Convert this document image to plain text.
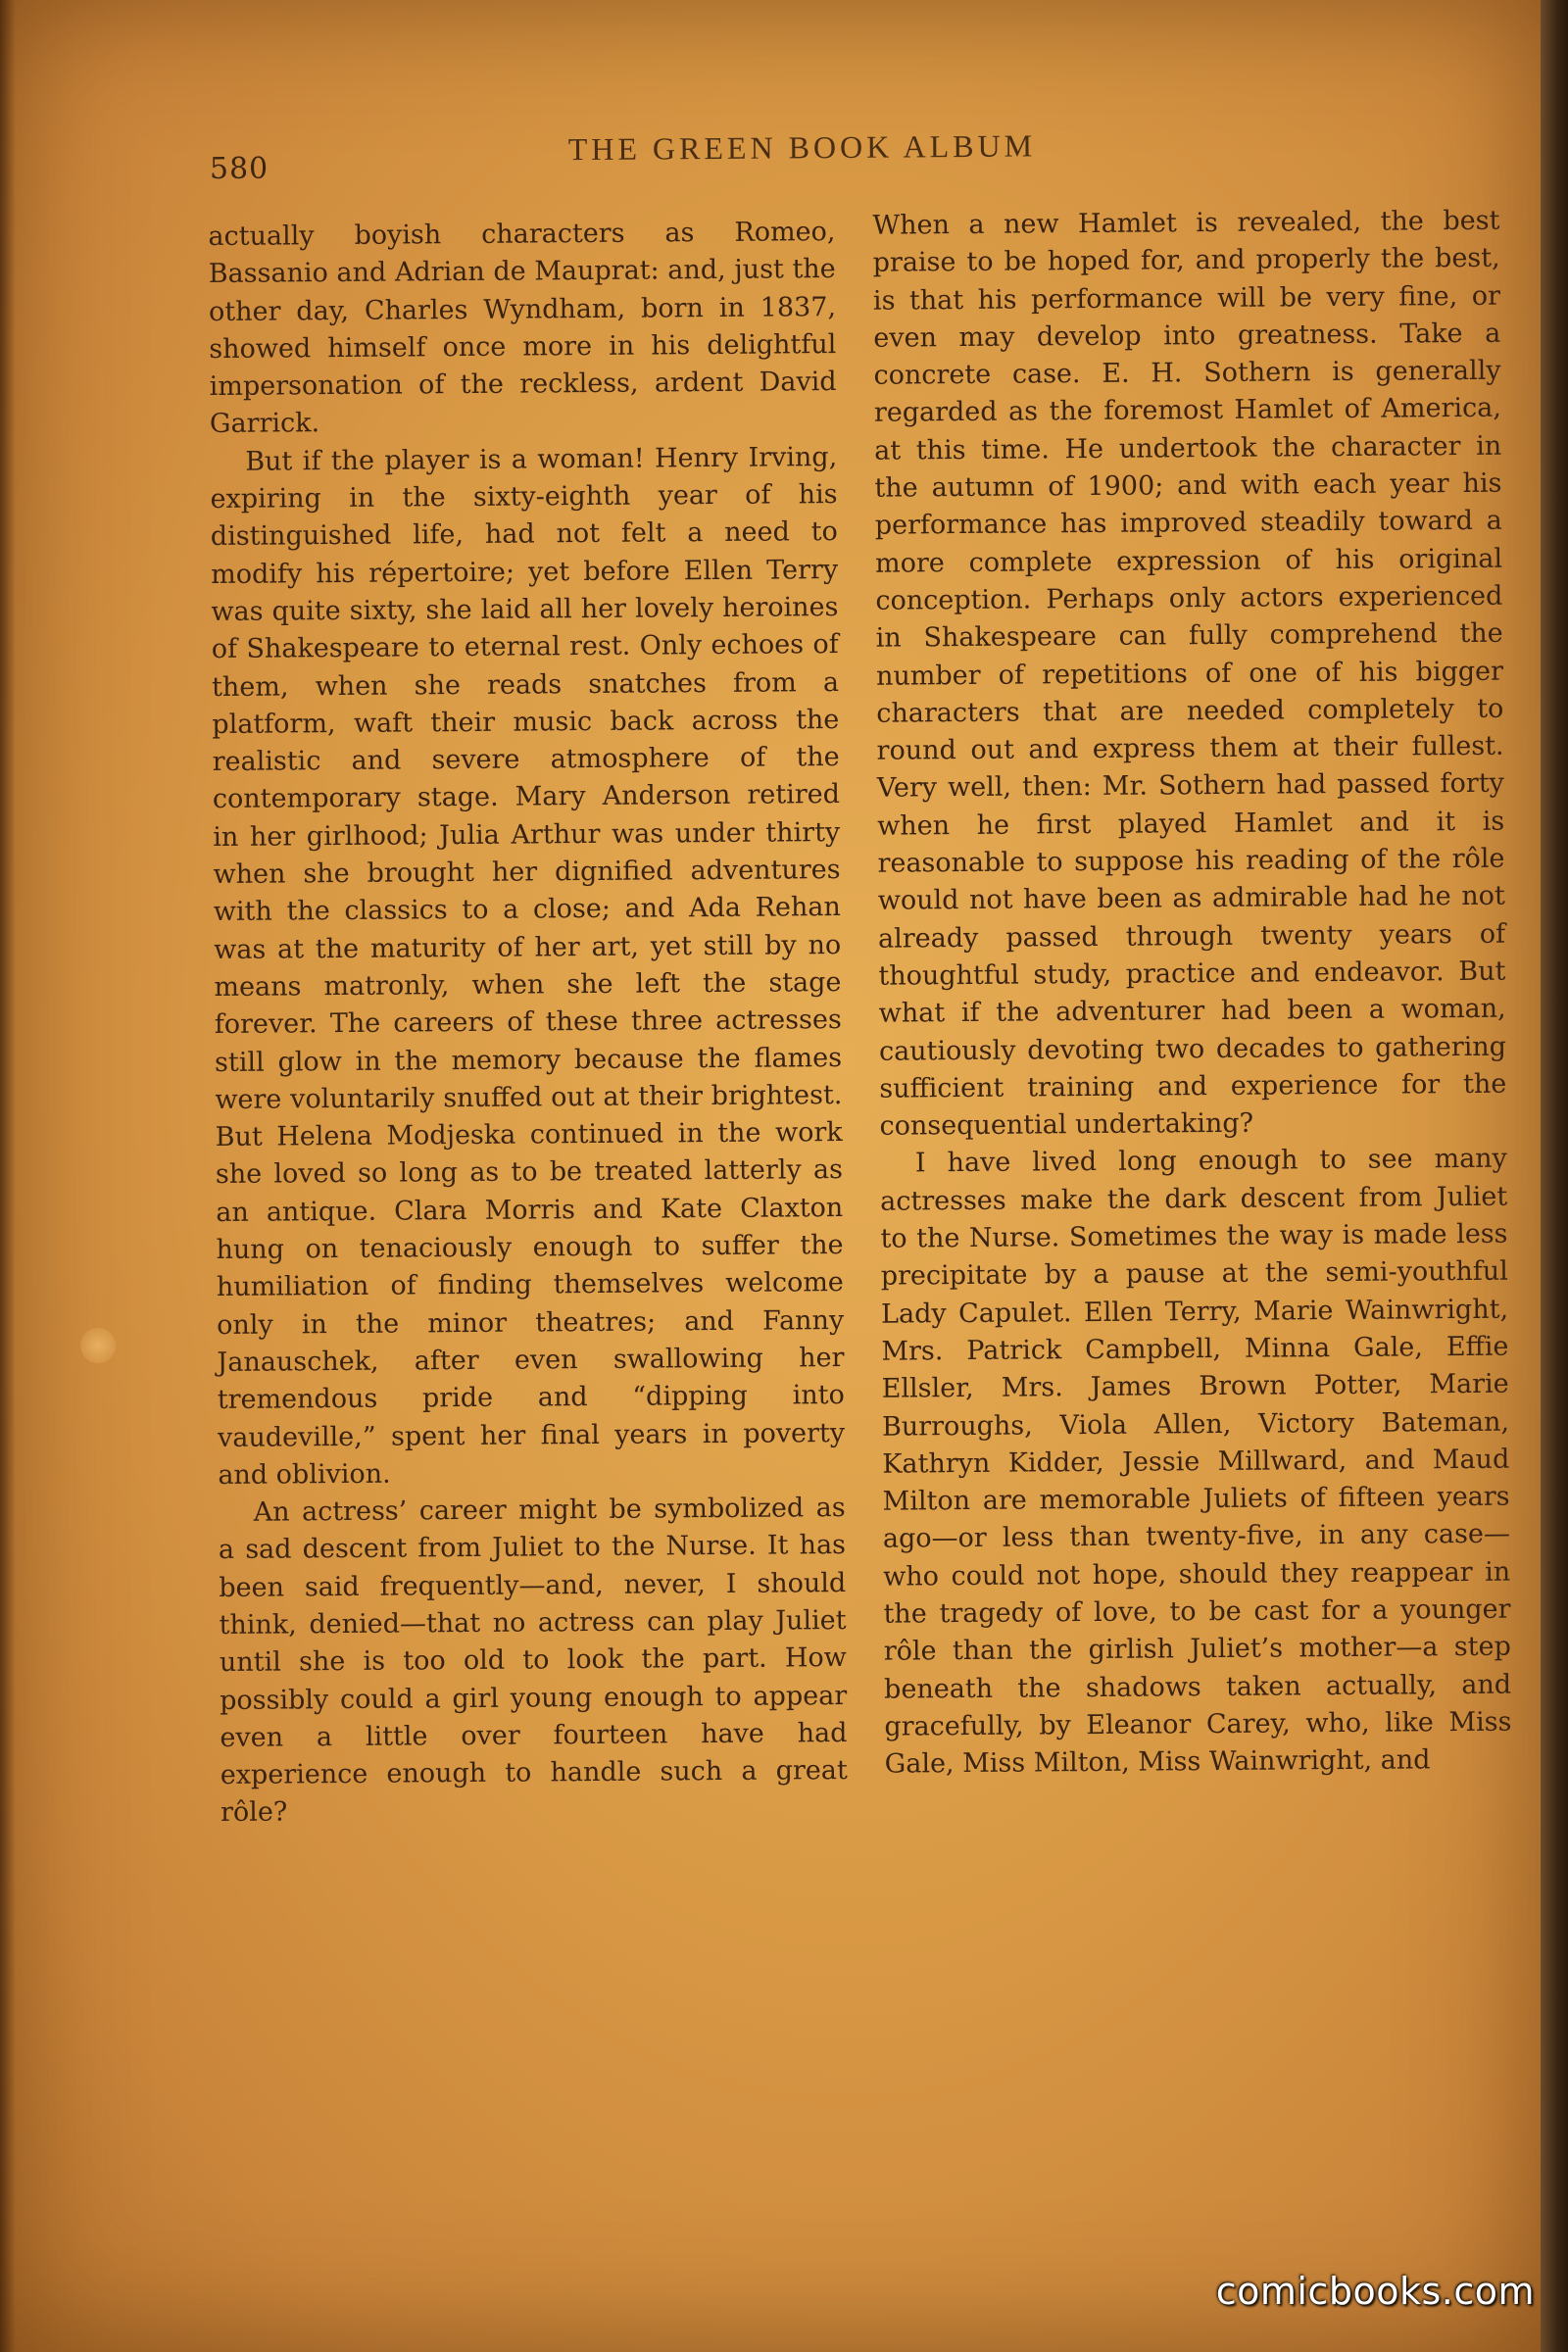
580
THE GREEN BOOK ALBUM

actually boyish characters as Romeo, Bassanio and Adrian de Mauprat: and, just the other day, Charles Wyndham, born in 1837, showed himself once more in his delightful impersonation of the reckless, ardent David Garrick.

But if the player is a woman! Henry Irving, expiring in the sixty-eighth year of his distinguished life, had not felt a need to modify his répertoire; yet before Ellen Terry was quite sixty, she laid all her lovely heroines of Shakespeare to eternal rest. Only echoes of them, when she reads snatches from a platform, waft their music back across the realistic and severe atmosphere of the contemporary stage. Mary Anderson retired in her girlhood; Julia Arthur was under thirty when she brought her dignified adventures with the classics to a close; and Ada Rehan was at the maturity of her art, yet still by no means matronly, when she left the stage forever. The careers of these three actresses still glow in the memory because the flames were voluntarily snuffed out at their brightest. But Helena Modjeska continued in the work she loved so long as to be treated latterly as an antique. Clara Morris and Kate Claxton hung on tenaciously enough to suffer the humiliation of finding themselves welcome only in the minor theatres; and Fanny Janauschek, after even swallowing her tremendous pride and “dipping into vaudeville,” spent her final years in poverty and oblivion.

An actress’ career might be symbolized as a sad descent from Juliet to the Nurse. It has been said frequently—and, never, I should think, denied—that no actress can play Juliet until she is too old to look the part. How possibly could a girl young enough to appear even a little over fourteen have had experience enough to handle such a great rôle?

When a new Hamlet is revealed, the best praise to be hoped for, and properly the best, is that his performance will be very fine, or even may develop into greatness. Take a concrete case. E. H. Sothern is generally regarded as the foremost Hamlet of America, at this time. He undertook the character in the autumn of 1900; and with each year his performance has improved steadily toward a more complete expression of his original conception. Perhaps only actors experienced in Shakespeare can fully comprehend the number of repetitions of one of his bigger characters that are needed completely to round out and express them at their fullest. Very well, then: Mr. Sothern had passed forty when he first played Hamlet and it is reasonable to suppose his reading of the rôle would not have been as admirable had he not already passed through twenty years of thoughtful study, practice and endeavor. But what if the adventurer had been a woman, cautiously devoting two decades to gathering sufficient training and experience for the consequential undertaking?

I have lived long enough to see many actresses make the dark descent from Juliet to the Nurse. Sometimes the way is made less precipitate by a pause at the semi-youthful Lady Capulet. Ellen Terry, Marie Wainwright, Mrs. Patrick Campbell, Minna Gale, Effie Ellsler, Mrs. James Brown Potter, Marie Burroughs, Viola Allen, Victory Bateman, Kathryn Kidder, Jessie Millward, and Maud Milton are memorable Juliets of fifteen years ago—or less than twenty-five, in any case—who could not hope, should they reappear in the tragedy of love, to be cast for a younger rôle than the girlish Juliet’s mother—a step beneath the shadows taken actually, and gracefully, by Eleanor Carey, who, like Miss Gale, Miss Milton, Miss Wainwright, and

comicbooks.com
